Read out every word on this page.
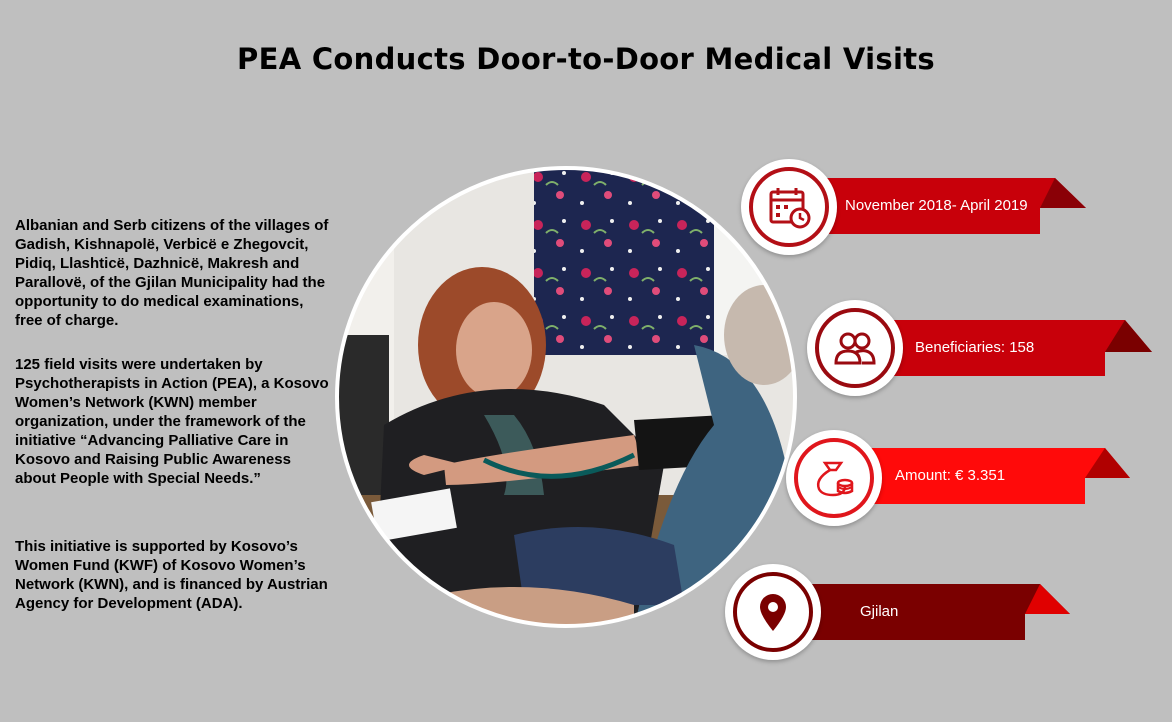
PEA Conducts Door-to-Door Medical Visits

Albanian and Serb citizens of the villages of Gadish, Kishnapolë, Verbicë e Zhegovcit, Pidiq, Llashticë, Dazhnicë, Makresh and Parallovë, of the Gjilan Municipality had the opportunity to do medical examinations, free of charge.

125 field visits were undertaken by Psychotherapists in Action (PEA), a Kosovo Women’s Network (KWN) member organization, under the framework of the initiative “Advancing Palliative Care in Kosovo and Raising Public Awareness about People with Special Needs.”

This initiative is supported by Kosovo’s Women Fund (KWF) of Kosovo Women’s Network (KWN), and is financed by Austrian Agency for Development (ADA).

November 2018- April 2019
Beneficiaries: 158
Amount: € 3.351
Gjilan
